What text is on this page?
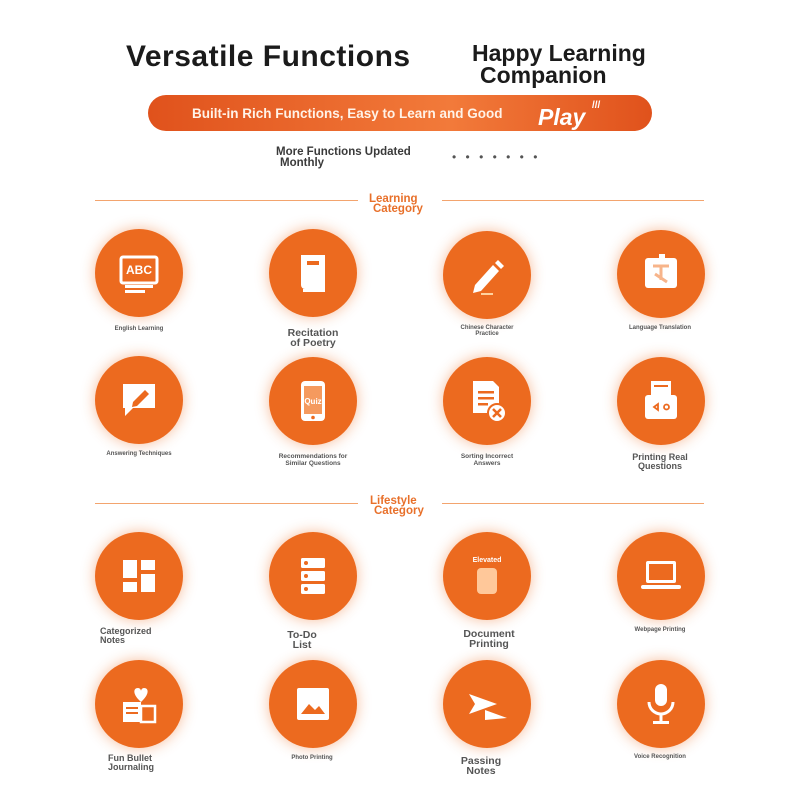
Versatile Functions	Happy Learning
Companion
Built-in Rich Functions, Easy to Learn and Good Play ///
More Functions Updated
Monthly	• • • • • • •
Learning
Category
ABC
English Learning	Recitation
of Poetry
Chinese Character
Practice
Language Translation
Answering Techniques
Quiz
Recommendations for
Similar Questions
Sorting Incorrect
Answers
Printing Real
Questions
Lifestyle
Category
Categorized
Notes	To-Do
List
Elevated
Document
Printing
Webpage Printing
Fun Bullet
Journaling
Photo Printing	Passing
Notes
Voice Recognition
